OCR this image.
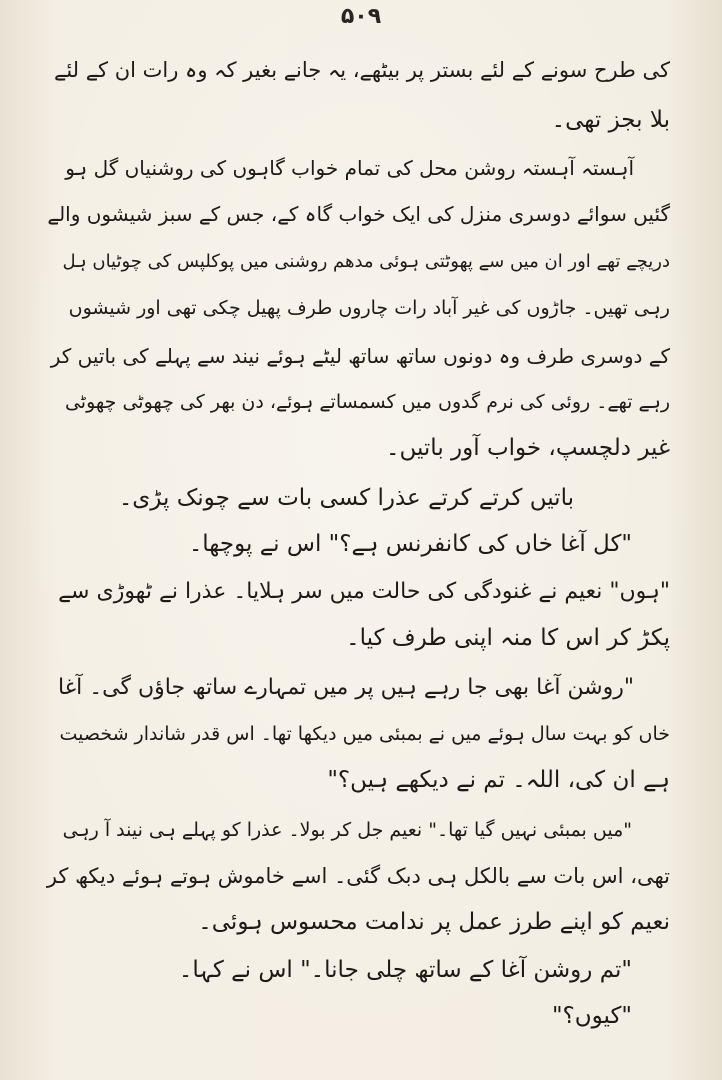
۵۰۹
کی طرح سونے کے لئے بستر پر بیٹھے، یہ جانے بغیر کہ وہ رات ان کے لئے
بلا بجز تھی۔
آہستہ آہستہ روشن محل کی تمام خواب گاہوں کی روشنیاں گل ہو
گئیں سوائے دوسری منزل کی ایک خواب گاہ کے، جس کے سبز شیشوں والے
دریچے تھے اور ان میں سے پھوٹتی ہوئی مدھم روشنی میں پوکلپس کی چوٹیاں ہل
رہی تھیں۔ جاڑوں کی غیر آباد رات چاروں طرف پھیل چکی تھی اور شیشوں
کے دوسری طرف وہ دونوں ساتھ ساتھ لیٹے ہوئے نیند سے پہلے کی باتیں کر
رہے تھے۔ روئی کی نرم گدوں میں کسمساتے ہوئے، دن بھر کی چھوٹی چھوٹی
غیر دلچسپ، خواب آور باتیں۔
باتیں کرتے کرتے عذرا کسی بات سے چونک پڑی۔
"کل آغا خاں کی کانفرنس ہے؟" اس نے پوچھا۔
"ہوں" نعیم نے غنودگی کی حالت میں سر ہلایا۔ عذرا نے ٹھوڑی سے
پکڑ کر اس کا منہ اپنی طرف کیا۔
"روشن آغا بھی جا رہے ہیں پر میں تمہارے ساتھ جاؤں گی۔ آغا
خاں کو بہت سال ہوئے میں نے بمبئی میں دیکھا تھا۔ اس قدر شاندار شخصیت
ہے ان کی، اللہ۔ تم نے دیکھے ہیں؟"
"میں بمبئی نہیں گیا تھا۔" نعیم جل کر بولا۔ عذرا کو پہلے ہی نیند آ رہی
تھی، اس بات سے بالکل ہی دبک گئی۔ اسے خاموش ہوتے ہوئے دیکھ کر
نعیم کو اپنے طرز عمل پر ندامت محسوس ہوئی۔
"تم روشن آغا کے ساتھ چلی جانا۔" اس نے کہا۔
"کیوں؟"
